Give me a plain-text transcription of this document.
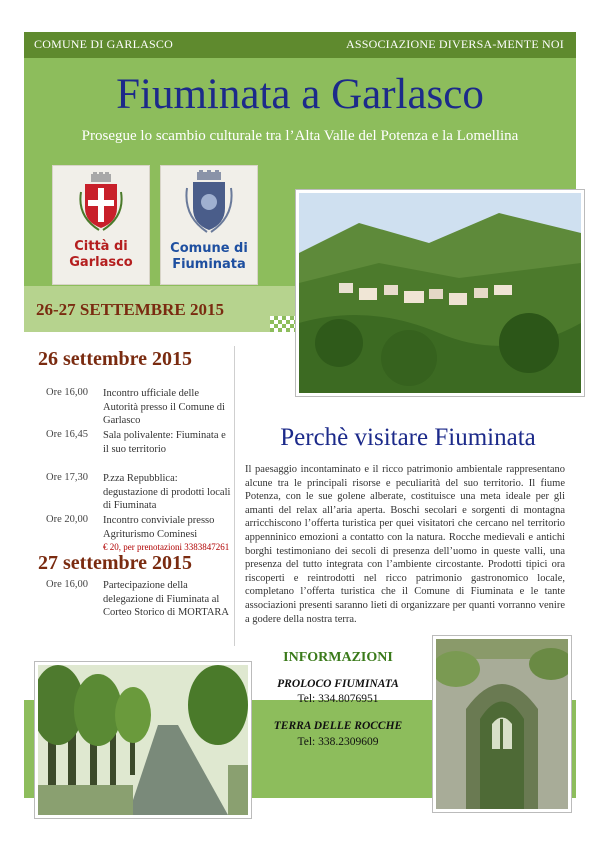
COMUNE DI GARLASCO	ASSOCIAZIONE DIVERSA-MENTE NOI
Fiuminata a Garlasco
Prosegue lo scambio culturale tra l’Alta Valle del Potenza e la Lomellina
Città di
Garlasco
Comune di
Fiuminata
26-27 SETTEMBRE 2015
26 settembre 2015
Ore 16,00 Incontro ufficiale delle Autorità presso il Comune di Garlasco
Ore 16,45 Sala polivalente: Fiuminata e il suo territorio
Ore 17,30 P.zza Repubblica: degustazione di prodotti locali di Fiuminata
Ore 20,00 Incontro conviviale presso Agriturismo Cominesi
€ 20, per prenotazioni 3383847261
27 settembre 2015
Ore 16,00 Partecipazione della delegazione di Fiuminata al Corteo Storico di MORTARA
Perchè visitare Fiuminata
Il paesaggio incontaminato e il ricco patrimonio ambientale rappresentano alcune tra le principali risorse e peculiarità del suo territorio. Il fiume Potenza, con le sue golene alberate, costituisce una meta ideale per gli amanti del relax all’aria aperta. Boschi secolari e sorgenti di montagna arricchiscono l’offerta turistica per quei visitatori che cercano nel territorio appenninico emozioni a contatto con la natura. Rocche medievali e antichi borghi testimoniano dei secoli di presenza dell’uomo in queste valli, una presenza del tutto integrata con l’ambiente circostante. Prodotti tipici ora riscoperti e reintrodotti nel ricco patrimonio gastronomico locale, completano l’offerta turistica che il Comune di Fiuminata e le tante associazioni presenti saranno lieti di organizzare per quanti vorranno venire a godere della nostra terra.
INFORMAZIONI
PROLOCO FIUMINATA
Tel: 334.8076951
TERRA DELLE ROCCHE
Tel: 338.2309609
